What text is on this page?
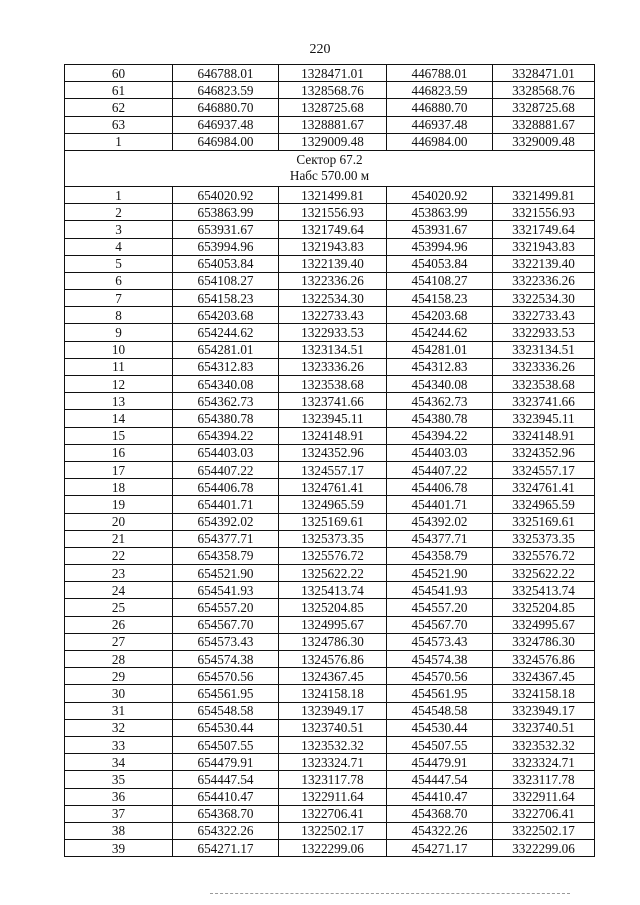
220
60	646788.01	1328471.01	446788.01	3328471.01
61	646823.59	1328568.76	446823.59	3328568.76
62	646880.70	1328725.68	446880.70	3328725.68
63	646937.48	1328881.67	446937.48	3328881.67
1	646984.00	1329009.48	446984.00	3329009.48

Сектор 67.2
Набс 570.00 м				

1	654020.92	1321499.81	454020.92	3321499.81
2	653863.99	1321556.93	453863.99	3321556.93
3	653931.67	1321749.64	453931.67	3321749.64
4	653994.96	1321943.83	453994.96	3321943.83
5	654053.84	1322139.40	454053.84	3322139.40
6	654108.27	1322336.26	454108.27	3322336.26
7	654158.23	1322534.30	454158.23	3322534.30
8	654203.68	1322733.43	454203.68	3322733.43
9	654244.62	1322933.53	454244.62	3322933.53
10	654281.01	1323134.51	454281.01	3323134.51
11	654312.83	1323336.26	454312.83	3323336.26
12	654340.08	1323538.68	454340.08	3323538.68
13	654362.73	1323741.66	454362.73	3323741.66
14	654380.78	1323945.11	454380.78	3323945.11
15	654394.22	1324148.91	454394.22	3324148.91
16	654403.03	1324352.96	454403.03	3324352.96
17	654407.22	1324557.17	454407.22	3324557.17
18	654406.78	1324761.41	454406.78	3324761.41
19	654401.71	1324965.59	454401.71	3324965.59
20	654392.02	1325169.61	454392.02	3325169.61
21	654377.71	1325373.35	454377.71	3325373.35
22	654358.79	1325576.72	454358.79	3325576.72
23	654521.90	1325622.22	454521.90	3325622.22
24	654541.93	1325413.74	454541.93	3325413.74
25	654557.20	1325204.85	454557.20	3325204.85
26	654567.70	1324995.67	454567.70	3324995.67
27	654573.43	1324786.30	454573.43	3324786.30
28	654574.38	1324576.86	454574.38	3324576.86
29	654570.56	1324367.45	454570.56	3324367.45
30	654561.95	1324158.18	454561.95	3324158.18
31	654548.58	1323949.17	454548.58	3323949.17
32	654530.44	1323740.51	454530.44	3323740.51
33	654507.55	1323532.32	454507.55	3323532.32
34	654479.91	1323324.71	454479.91	3323324.71
35	654447.54	1323117.78	454447.54	3323117.78
36	654410.47	1322911.64	454410.47	3322911.64
37	654368.70	1322706.41	454368.70	3322706.41
38	654322.26	1322502.17	454322.26	3322502.17
39	654271.17	1322299.06	454271.17	3322299.06
